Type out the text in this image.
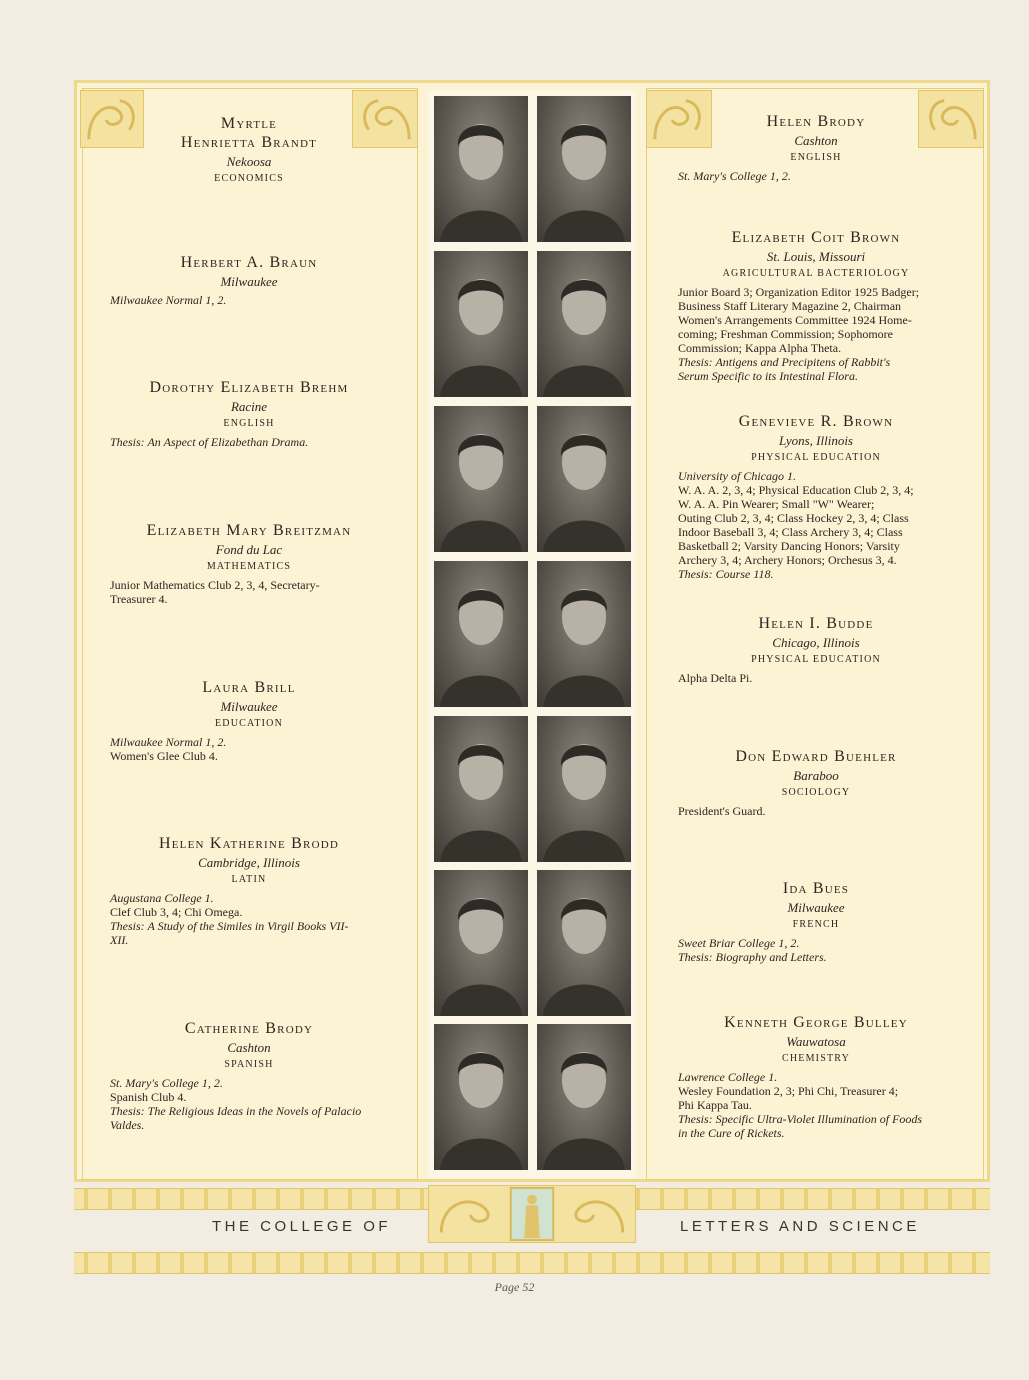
Myrtle

Henrietta Brandt

Nekoosa

ECONOMICS

Herbert A. Braun

Milwaukee

Milwaukee Normal 1, 2.

Dorothy Elizabeth Brehm

Racine

ENGLISH

Thesis: An Aspect of Elizabethan Drama.

Elizabeth Mary Breitzman

Fond du Lac

MATHEMATICS

Junior Mathematics Club 2, 3, 4, Secretary-

Treasurer 4.

Laura Brill

Milwaukee

EDUCATION

Milwaukee Normal 1, 2.

Women's Glee Club 4.

Helen Katherine Brodd

Cambridge, Illinois

LATIN

Augustana College 1.

Clef Club 3, 4; Chi Omega.

Thesis: A Study of the Similes in Virgil Books VII-

XII.

Catherine Brody

Cashton

SPANISH

St. Mary's College 1, 2.

Spanish Club 4.

Thesis: The Religious Ideas in the Novels of Palacio

Valdes.

Helen Brody

Cashton

ENGLISH

St. Mary's College 1, 2.

Elizabeth Coit Brown

St. Louis, Missouri

AGRICULTURAL BACTERIOLOGY

Junior Board 3; Organization Editor 1925 Badger;

Business Staff Literary Magazine 2, Chairman

Women's Arrangements Committee 1924 Home-

coming; Freshman Commission; Sophomore

Commission; Kappa Alpha Theta.

Thesis: Antigens and Precipitens of Rabbit's

Serum Specific to its Intestinal Flora.

Genevieve R. Brown

Lyons, Illinois

PHYSICAL EDUCATION

University of Chicago 1.

W. A. A. 2, 3, 4; Physical Education Club 2, 3, 4;

W. A. A. Pin Wearer; Small "W" Wearer;

Outing Club 2, 3, 4; Class Hockey 2, 3, 4; Class

Indoor Baseball 3, 4; Class Archery 3, 4; Class

Basketball 2; Varsity Dancing Honors; Varsity

Archery 3, 4; Archery Honors; Orchesus 3, 4.

Thesis: Course 118.

Helen I. Budde

Chicago, Illinois

PHYSICAL EDUCATION

Alpha Delta Pi.

Don Edward Buehler

Baraboo

SOCIOLOGY

President's Guard.

Ida Bues

Milwaukee

FRENCH

Sweet Briar College 1, 2.

Thesis: Biography and Letters.

Kenneth George Bulley

Wauwatosa

CHEMISTRY

Lawrence College 1.

Wesley Foundation 2, 3; Phi Chi, Treasurer 4;

Phi Kappa Tau.

Thesis: Specific Ultra-Violet Illumination of Foods

in the Cure of Rickets.

THE COLLEGE OF	LETTERS AND SCIENCE
Page 52
